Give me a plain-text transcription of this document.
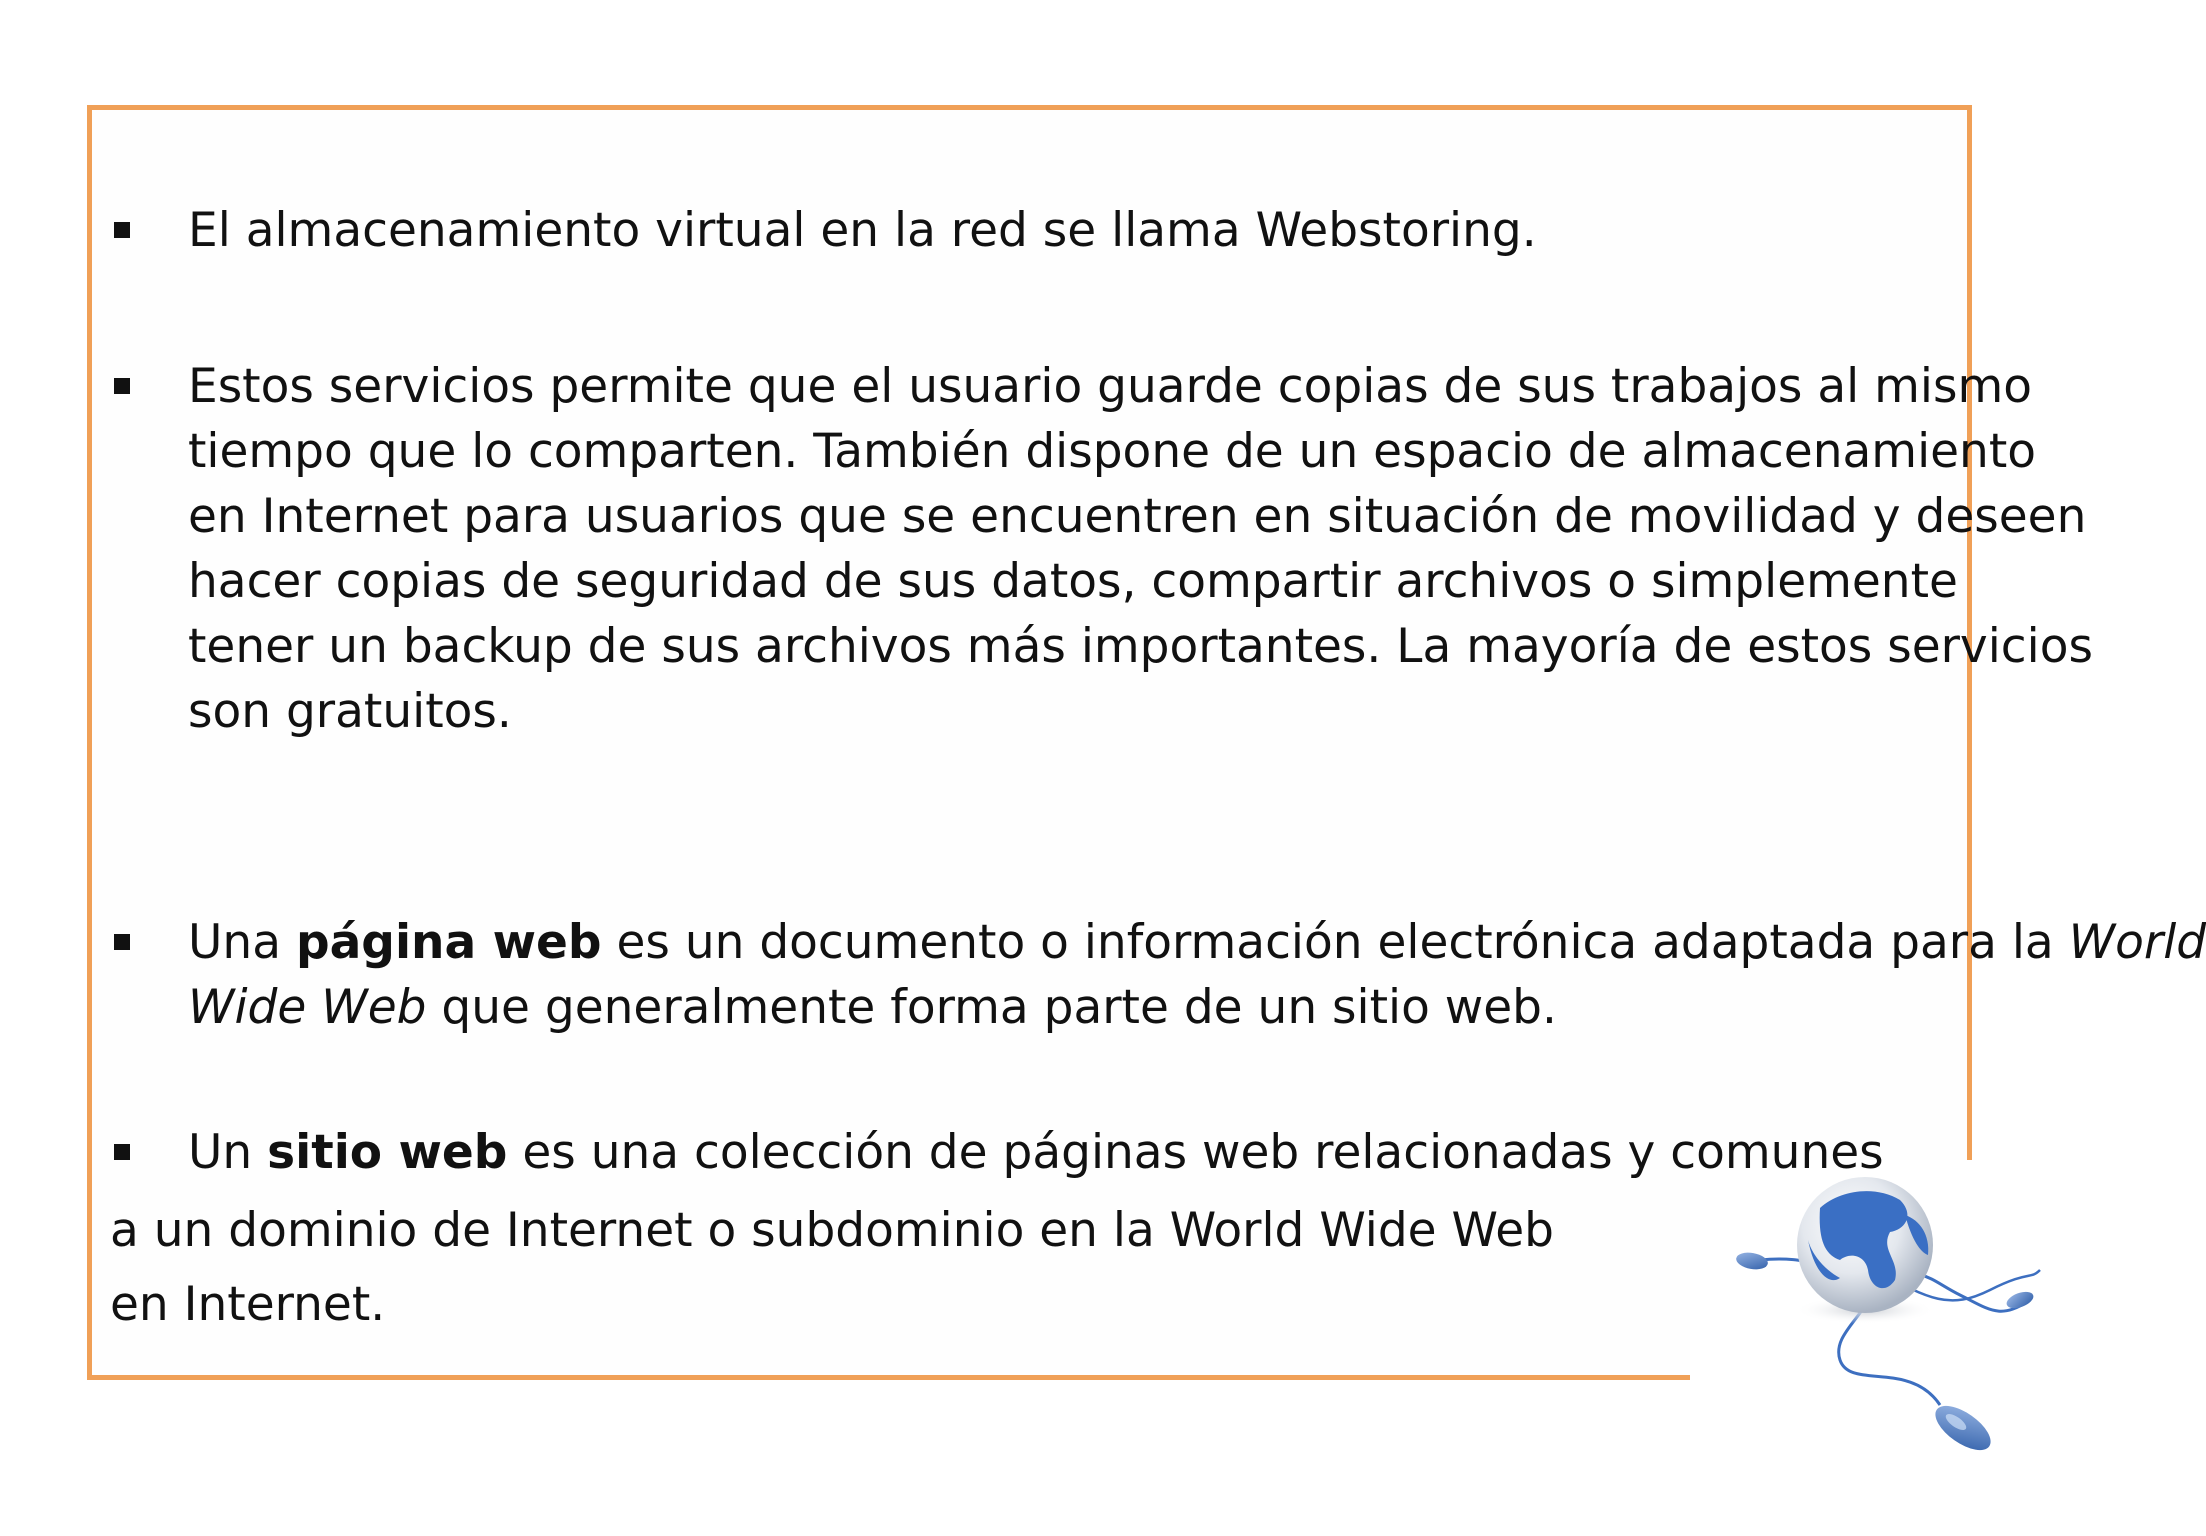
El almacenamiento virtual en la red se llama Webstoring.

Estos servicios permite que el usuario guarde copias de sus trabajos al mismo
tiempo que lo comparten. También dispone de un espacio de almacenamiento
en Internet para usuarios que se encuentren en situación de movilidad y deseen
hacer copias de seguridad de sus datos, compartir archivos o simplemente
tener un backup de sus archivos más importantes. La mayoría de estos servicios
son gratuitos.
Una página web es un documento o información electrónica adaptada para la World
Wide Web que generalmente forma parte de un sitio web.
Un sitio web es una colección de páginas web relacionadas y comunes
a un dominio de Internet o subdominio en la World Wide Web
en Internet.
